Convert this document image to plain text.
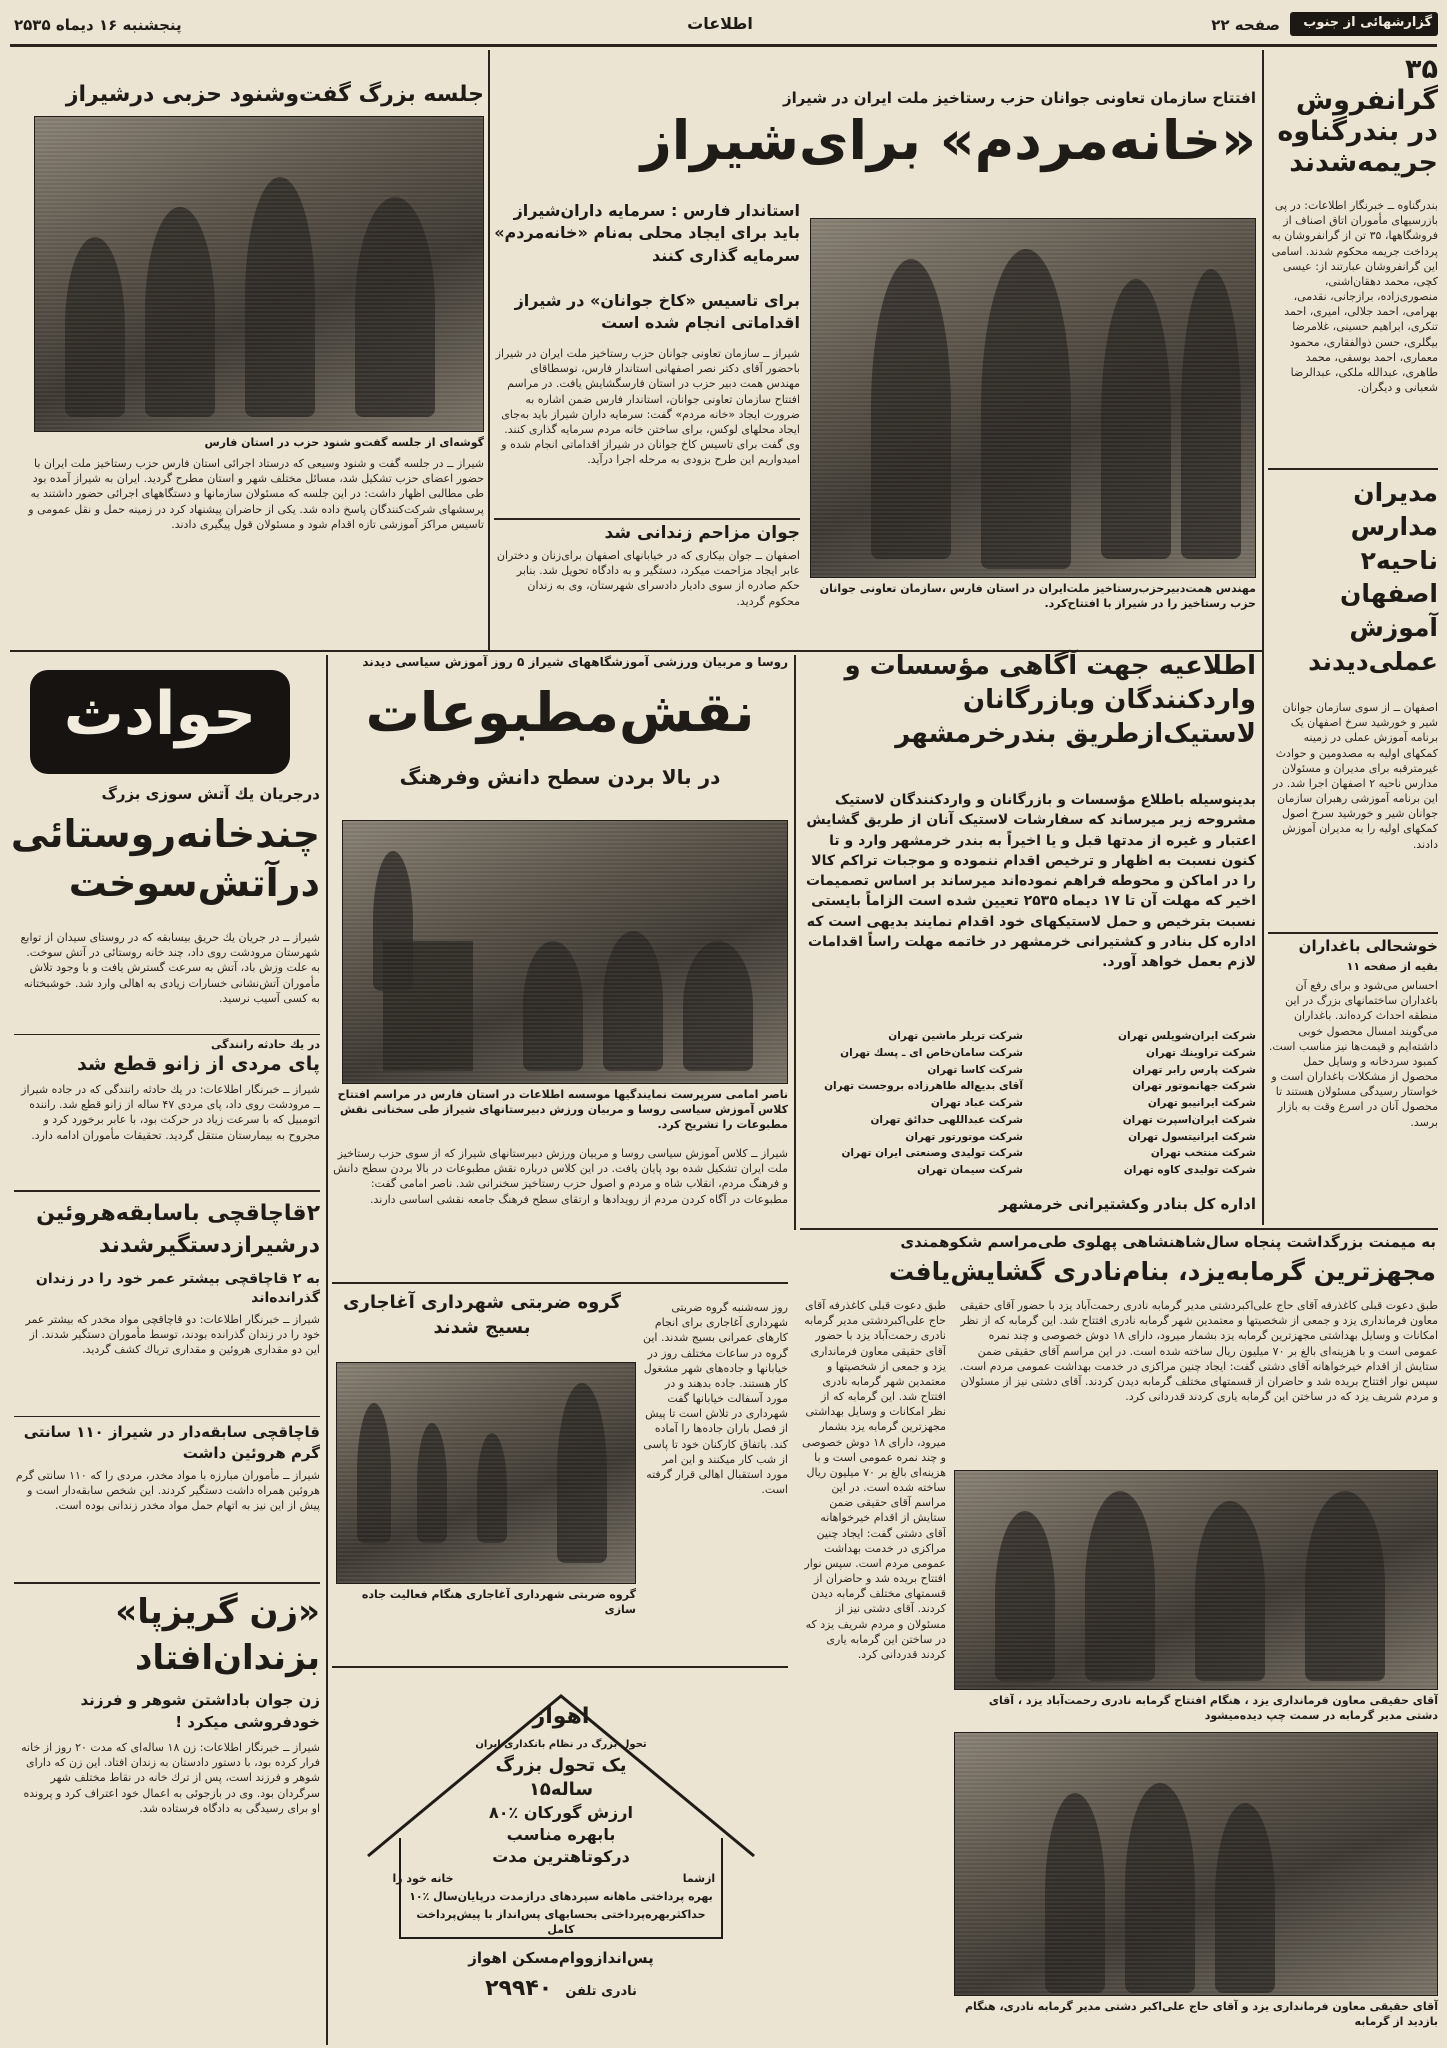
گزارشهائی از جنوب
صفحه ۲۲
اطلاعات
پنجشنبه ۱۶ دیماه ۲۵۳۵
۳۵ گرانفروش در بندرگناوه جریمه‌شدند
بندرگناوه ــ خبرنگار اطلاعات: در پی بازرسیهای مأموران اتاق اصناف از فروشگاهها، ۳۵ تن از گرانفروشان به پرداخت جریمه محکوم شدند. اسامی این گرانفروشان عبارتند از: عیسی کچی، محمد دهقان‌اشنی، منصوری‌زاده، برازجانی، نقدمی، بهرامی، احمد جلالی، امیری، احمد تنکری، ابراهیم حسینی، غلامرضا بیگلری، حسن ذوالفقاری، محمود معماری، احمد بوسفی، محمد طاهری، عبدالله ملکی، عبدالرضا شعبانی و دیگران.
مدیران مدارس ناحیه۲ اصفهان آموزش عملی‌دیدند
اصفهان ــ از سوی سازمان جوانان شیر و خورشید سرخ اصفهان یک برنامه آموزش عملی در زمینه کمکهای اولیه به مصدومین و حوادث غیرمترقبه برای مدیران و مسئولان مدارس ناحیه ۲ اصفهان اجرا شد. در این برنامه آموزشی رهبران سازمان جوانان شیر و خورشید سرخ اصول کمکهای اولیه را به مدیران آموزش دادند.
خوشحالی باغداران
بقیه از صفحه ۱۱
احساس می‌شود و برای رفع آن باغداران ساختمانهای بزرگ در این منطقه احداث کرده‌اند. باغداران می‌گویند امسال محصول خوبی داشته‌ایم و قیمت‌ها نیز مناسب است. کمبود سردخانه و وسایل حمل محصول از مشکلات باغداران است و خواستار رسیدگی مسئولان هستند تا محصول آنان در اسرع وقت به بازار برسد.
افتتاح سازمان تعاونی جوانان حزب رستاخیز ملت ایران در شیراز
«خانه‌مردم» برای‌شیراز
استاندار فارس : سرمایه داران‌شیراز باید برای ایجاد محلی به‌نام «خانه‌مردم» سرمایه گذاری کنند
برای تاسیس «کاخ جوانان» در شیراز اقداماتی انجام شده است
شیراز ــ سازمان تعاونی جوانان حزب رستاخیز ملت ایران در شیراز باحضور آقای دکتر نصر اصفهانی استاندار فارس، نوسطاقای مهندس همت دبیر حزب در استان فارسگشایش یافت. در مراسم افتتاح سازمان تعاونی جوانان، استاندار فارس ضمن اشاره به ضرورت ایجاد «خانه مردم» گفت: سرمایه داران شیراز باید به‌جای ایجاد محلهای لوکس، برای ساختن خانه مردم سرمایه گذاری کنند. وی گفت برای تاسیس کاخ جوانان در شیراز اقداماتی انجام شده و امیدواریم این طرح بزودی به مرحله اجرا درآید.
مهندس همت‌دبیرحزب‌رستاخیز ملت‌ایران در استان فارس ،سازمان تعاونی جوانان حزب رستاخیز را در شیراز با افتتاح‌کرد.
جوان مزاحم زندانی شد
اصفهان ــ جوان بیکاری که در خیابانهای اصفهان برای‌زنان و دختران عابر ایجاد مزاحمت میکرد، دستگیر و به دادگاه تحویل شد. بنابر حکم صادره از سوی دادیار دادسرای شهرستان، وی به زندان محکوم گردید.
جلسه بزرگ گفت‌وشنود حزبی درشیراز
گوشه‌ای از جلسه گفت‌و شنود حزب در استان فارس
شیراز ــ در جلسه گفت و شنود وسیعی که درستاد اجرائی استان فارس حزب رستاخیز ملت ایران با حضور اعضای حزب تشکیل شد، مسائل مختلف شهر و استان مطرح گردید. ایران به شیراز آمده بود طی مطالبی اظهار داشت: در این جلسه که مسئولان سازمانها و دستگاههای اجرائی حضور داشتند به پرسشهای شرکت‌کنندگان پاسخ داده شد. یکی از حاضران پیشنهاد کرد در زمینه حمل و نقل عمومی و تاسیس مراکز آموزشی تازه اقدام شود و مسئولان قول پیگیری دادند.
حوادث
درجریان یك آتش سوزی بزرگ
چندخانه‌روستائی در‌آتش‌سوخت
شیراز ــ در جریان یك حریق بیسابقه که در روستای سیدان از توابع شهرستان مرودشت روی داد، چند خانه روستائی در آتش سوخت. به علت وزش باد، آتش به سرعت گسترش یافت و با وجود تلاش مأموران آتش‌نشانی خسارات زیادی به اهالی وارد شد. خوشبختانه به کسی آسیب نرسید.
در یك حادثه رانندگی
پای مردی از زانو قطع شد
شیراز ــ خبرنگار اطلاعات: در یك حادثه رانندگی که در جاده شیراز ــ مرودشت روی داد، پای مردی ۴۷ ساله از زانو قطع شد. راننده اتومبیل که با سرعت زیاد در حرکت بود، با عابر برخورد کرد و مجروح به بیمارستان منتقل گردید. تحقیقات مأموران ادامه دارد.
۲قاچاقچی باسابقه‌هروئین درشیرازدستگیرشدند
به ۲ قاچاقچی بیشتر عمر خود را در زندان گذرانده‌اند
شیراز ــ خبرنگار اطلاعات: دو قاچاقچی مواد مخدر که بیشتر عمر خود را در زندان گذرانده بودند، توسط مأموران دستگیر شدند. از این دو مقداری هروئین و مقداری تریاك کشف گردید.
قاچاقچی سابقه‌دار در شیراز ۱۱۰ سانتی گرم هروئین داشت
شیراز ــ مأموران مبارزه با مواد مخدر، مردی را که ۱۱۰ سانتی گرم هروئین همراه داشت دستگیر کردند. این شخص سابقه‌دار است و پیش از این نیز به اتهام حمل مواد مخدر زندانی بوده است.
«زن گریزپا» بزندان‌افتاد
زن جوان باداشتن شوهر و فرزند خودفروشی میکرد !
شیراز ــ خبرنگار اطلاعات: زن ۱۸ ساله‌ای که مدت ۲۰ روز از خانه فرار کرده بود، با دستور دادستان به زندان افتاد. این زن که دارای شوهر و فرزند است، پس از ترك خانه در نقاط مختلف شهر سرگردان بود. وی در بازجوئی به اعمال خود اعتراف کرد و پرونده او برای رسیدگی به دادگاه فرستاده شد.
روسا و مربیان ورزشی آموزشگاههای شیراز ۵ روز آموزش سیاسی دیدند
نقش‌مطبوعات
در بالا بردن سطح دانش وفرهنگ
ناصر امامی سرپرست نمایندگیها موسسه اطلاعات در استان فارس در مراسم افتتاح کلاس آموزش سیاسی روسا و مربیان ورزش دبیرستانهای شیراز طی سخنانی نقش مطبوعات را تشریح کرد.
شیراز ــ کلاس آموزش سیاسی روسا و مربیان ورزش دبیرستانهای شیراز که از سوی حزب رستاخیز ملت ایران تشکیل شده بود پایان یافت. در این کلاس درباره نقش مطبوعات در بالا بردن سطح دانش و فرهنگ مردم، انقلاب شاه و مردم و اصول حزب رستاخیز سخنرانی شد. ناصر امامی گفت: مطبوعات در آگاه کردن مردم از رویدادها و ارتقای سطح فرهنگ جامعه نقشی اساسی دارند.
گروه ضربتی شهرداری آغاجاری بسیج شدند
گروه ضربتی شهرداری آغاجاری هنگام فعالیت جاده سازی
روز سه‌شنبه گروه ضربتی شهرداری آغاجاری برای انجام کارهای عمرانی بسیج شدند. این گروه در ساعات مختلف روز در خیابانها و جاده‌های شهر مشغول کار هستند. جاده بدهند و در مورد آسفالت خیابانها گفت شهرداری در تلاش است تا پیش از فصل باران جاده‌ها را آماده کند. باتفاق کارکنان خود تا پاسی از شب کار میکنند و این امر مورد استقبال اهالی قرار گرفته است.
اهواز
تحول بزرگ در نظام بانکداری ایران
یک تحول بزرگ
۱۵ساله
۸۰٪ ارزش گورکان
بابهره مناسب
درکوتاهترین مدت
خانه خود را	ازشما
۱۰٪ بهره پرداختی ماهانه سپردهای درازمدت درپایان‌سال
حداکثربهره‌پرداختی بحسابهای پس‌انداز با پیش‌پرداخت کامل
پس‌اندازو‌وام‌مسکن اهواز
نادری تلفن ۲۹۹۴۰
اطلاعیه جهت آگاهی مؤسسات و واردکنندگان وبازرگانان لاستیک‌ازطریق بندرخرمشهر
بدینوسیله باطلاع مؤسسات و بازرگانان و واردکنندگان لاستیک مشروحه زیر میرساند که سفارشات لاستیک آنان از طریق گشایش اعتبار و غیره از مدتها قبل و یا اخیراً به بندر خرمشهر وارد و تا کنون نسبت به اظهار و ترخیص اقدام ننموده و موجبات تراکم کالا را در اماکن و محوطه فراهم نموده‌اند میرساند بر اساس تصمیمات اخیر که مهلت آن تا ۱۷ دیماه ۲۵۳۵ تعیین شده است الزاماً بایستی نسبت بترخیص و حمل لاستیکهای خود اقدام نمایند بدیهی است که اداره کل بنادر و کشتیرانی خرمشهر در خاتمه مهلت راساً اقدامات لازم بعمل خواهد آورد.
شرکت ایران‌شویلس تهران
شرکت تریلر ماشین تهران
شرکت تراوینك تهران
شرکت سامان‌خاص ای ـ پسك تهران
شرکت پارس رابر تهران
شرکت کاسا تهران
شرکت جهانموتور تهران
آقای بدیع‌اله طاهرزاده بروجست تهران
شرکت ایرانیبو تهران
شرکت عباد تهران
شرکت ایران‌اسپرت تهران
شرکت عبداللهی حدائق تهران
شرکت ایرانیتسول تهران
شرکت موتورتور تهران
شرکت منتخب تهران
شرکت تولیدی وصنعتی ایران تهران
شرکت تولیدی کاوه تهران
شرکت سیمان تهران
اداره کل بنادر وکشتیرانی خرمشهر
به میمنت بزرگداشت پنجاه سال‌شاهنشاهی پهلوی طی‌مراسم شکوهمندی
مجهزترین گرمابه‌یزد، بنام‌نادری گشایش‌یافت
طبق دعوت قبلی کاغذرفه آقای حاج علی‌اکبردشتی مدیر گرمابه نادری رحمت‌آباد یزد با حضور آقای حقیقی معاون فرمانداری یزد و جمعی از شخصیتها و معتمدین شهر گرمابه نادری افتتاح شد. این گرمابه که از نظر امکانات و وسایل بهداشتی مجهزترین گرمابه یزد بشمار میرود، دارای ۱۸ دوش خصوصی و چند نمره عمومی است و با هزینه‌ای بالغ بر ۷۰ میلیون ریال ساخته شده است. در این مراسم آقای حقیقی ضمن ستایش از اقدام خیرخواهانه آقای دشتی گفت: ایجاد چنین مراکزی در خدمت بهداشت عمومی مردم است. سپس نوار افتتاح بریده شد و حاضران از قسمتهای مختلف گرمابه دیدن کردند. آقای دشتی نیز از مسئولان و مردم شریف یزد که در ساختن این گرمابه یاری کردند قدردانی کرد.
طبق دعوت قبلی کاغذرفه آقای حاج علی‌اکبردشتی مدیر گرمابه نادری رحمت‌آباد یزد با حضور آقای حقیقی معاون فرمانداری یزد و جمعی از شخصیتها و معتمدین شهر گرمابه نادری افتتاح شد. این گرمابه که از نظر امکانات و وسایل بهداشتی مجهزترین گرمابه یزد بشمار میرود، دارای ۱۸ دوش خصوصی و چند نمره عمومی است و با هزینه‌ای بالغ بر ۷۰ میلیون ریال ساخته شده است. در این مراسم آقای حقیقی ضمن ستایش از اقدام خیرخواهانه آقای دشتی گفت: ایجاد چنین مراکزی در خدمت بهداشت عمومی مردم است. سپس نوار افتتاح بریده شد و حاضران از قسمتهای مختلف گرمابه دیدن کردند. آقای دشتی نیز از مسئولان و مردم شریف یزد که در ساختن این گرمابه یاری کردند قدردانی کرد.
آقای حقیقی معاون فرمانداری یزد ، هنگام افتتاح گرمابه نادری رحمت‌آباد یزد ، آقای دشتی مدیر گرمابه در سمت چپ دیده‌میشود
آقای حقیقی معاون فرمانداری یزد و آقای حاج علی‌اکبر دشتی مدیر گرمابه نادری، هنگام بازدید از گرمابه
